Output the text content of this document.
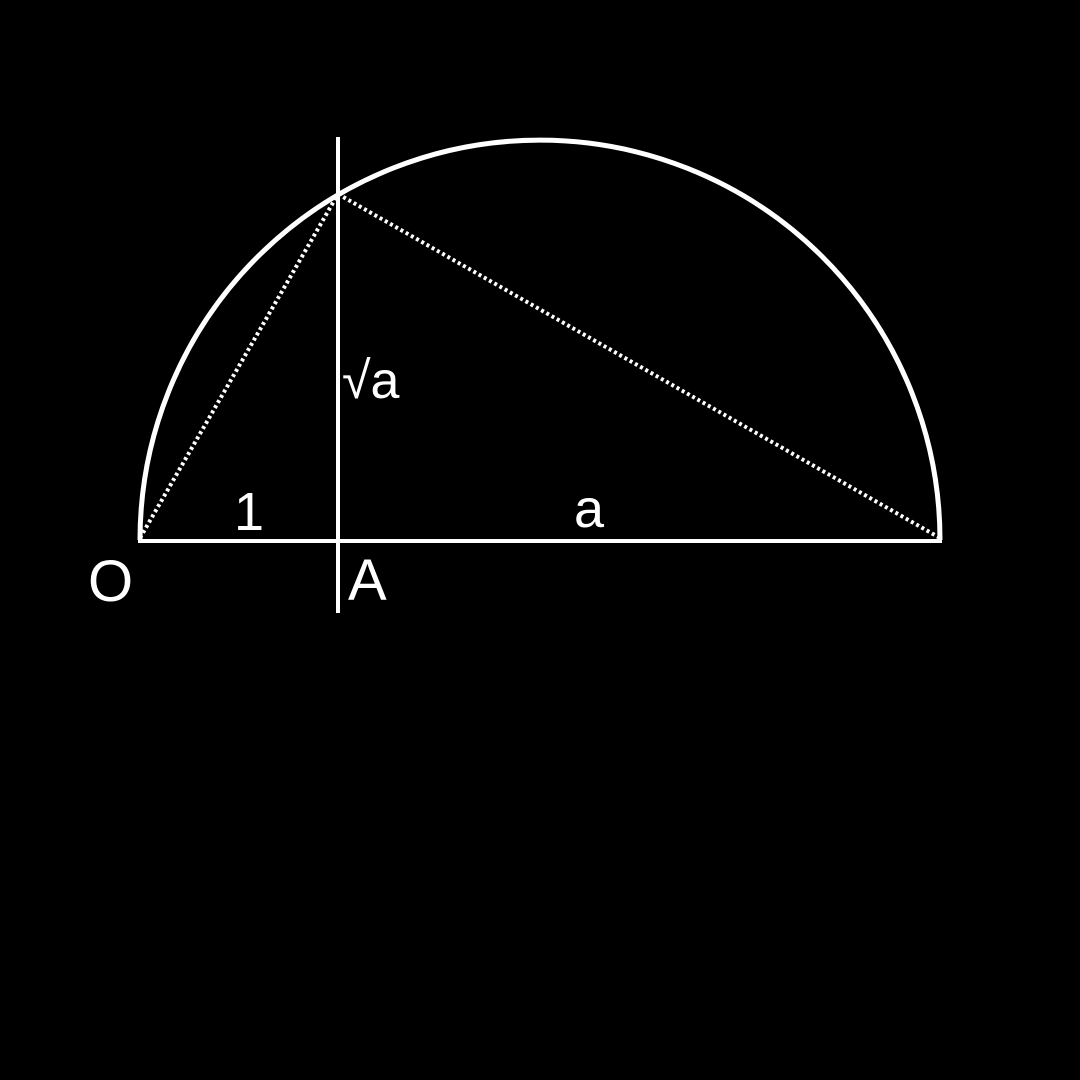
O	A
1	a
√a
